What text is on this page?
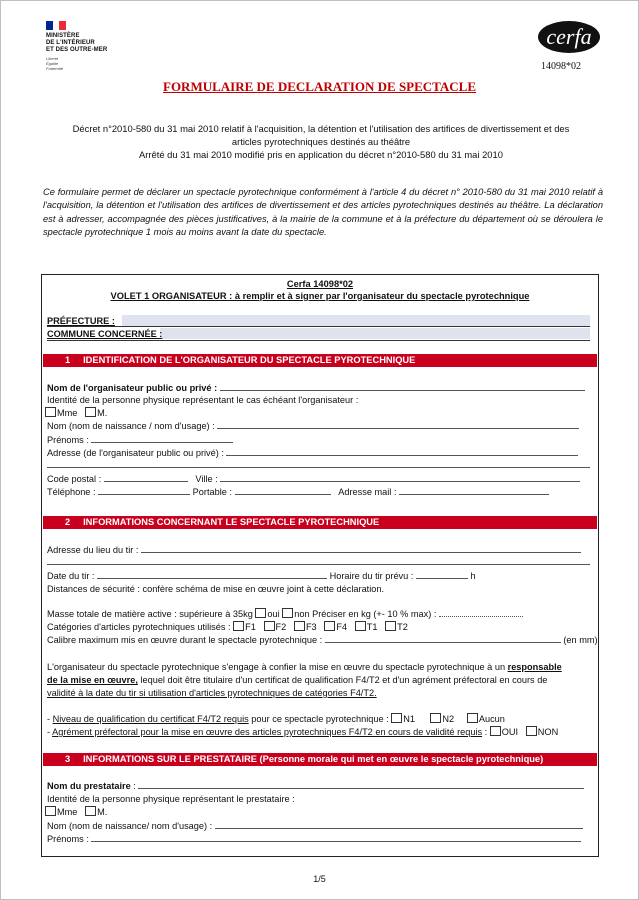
MINISTÈRE
DE L'INTÉRIEUR
ET DES OUTRE-MER
Liberté
Égalité
Fraternité
cerfa
14098*02
FORMULAIRE DE DECLARATION DE SPECTACLE
Décret n°2010-580 du 31 mai 2010 relatif à l'acquisition, la détention et l'utilisation des artifices de divertissement et des
articles pyrotechniques destinés au théâtre
Arrêté du 31 mai 2010 modifié pris en application du décret n°2010-580 du 31 mai 2010
Ce formulaire permet de déclarer un spectacle pyrotechnique conformément à l'article 4 du décret n° 2010-580 du 31 mai 2010 relatif à l'acquisition, la détention et l'utilisation des artifices de divertissement et des articles pyrotechniques destinés au théâtre. La déclaration est à adresser, accompagnée des pièces justificatives, à la mairie de la commune et à la préfecture du département où se déroulera le spectacle pyrotechnique 1 mois au moins avant la date du spectacle.
Cerfa 14098*02
VOLET 1 ORGANISATEUR : à remplir et à signer par l'organisateur du spectacle pyrotechnique
PRÉFECTURE :
COMMUNE CONCERNÉE :
1 IDENTIFICATION DE L'ORGANISATEUR DU SPECTACLE PYROTECHNIQUE
Nom de l'organisateur public ou privé :
Identité de la personne physique représentant le cas échéant l'organisateur :
Mme M.
Nom (nom de naissance / nom d'usage) :
Prénoms :
Adresse (de l'organisateur public ou privé) :
Code postal :	Ville :
Téléphone :	Portable :	Adresse mail :
2 INFORMATIONS CONCERNANT LE SPECTACLE PYROTECHNIQUE
Adresse du lieu du tir :
Date du tir :	Horaire du tir prévu :	h
Distances de sécurité : confère schéma de mise en œuvre joint à cette déclaration.
Masse totale de matière active : supérieure à 35kg oui non Préciser en kg (+- 10 % max) :
Catégories d'articles pyrotechniques utilisés : F1 F2 F3 F4 T1 T2
Calibre maximum mis en œuvre durant le spectacle pyrotechnique :	(en mm)
L'organisateur du spectacle pyrotechnique s'engage à confier la mise en œuvre du spectacle pyrotechnique à un responsable
de la mise en œuvre, lequel doit être titulaire d'un certificat de qualification F4/T2 et d'un agrément préfectoral en cours de
validité à la date du tir si utilisation d'articles pyrotechniques de catégories F4/T2.
- Niveau de qualification du certificat F4/T2 requis pour ce spectacle pyrotechnique : N1	N2	Aucun
- Agrément préfectoral pour la mise en œuvre des articles pyrotechniques F4/T2 en cours de validité requis : OUI NON
3 INFORMATIONS SUR LE PRESTATAIRE (Personne morale qui met en œuvre le spectacle pyrotechnique)
Nom du prestataire :
Identité de la personne physique représentant le prestataire :
Mme M.
Nom (nom de naissance/ nom d'usage) :
Prénoms :
1/5
